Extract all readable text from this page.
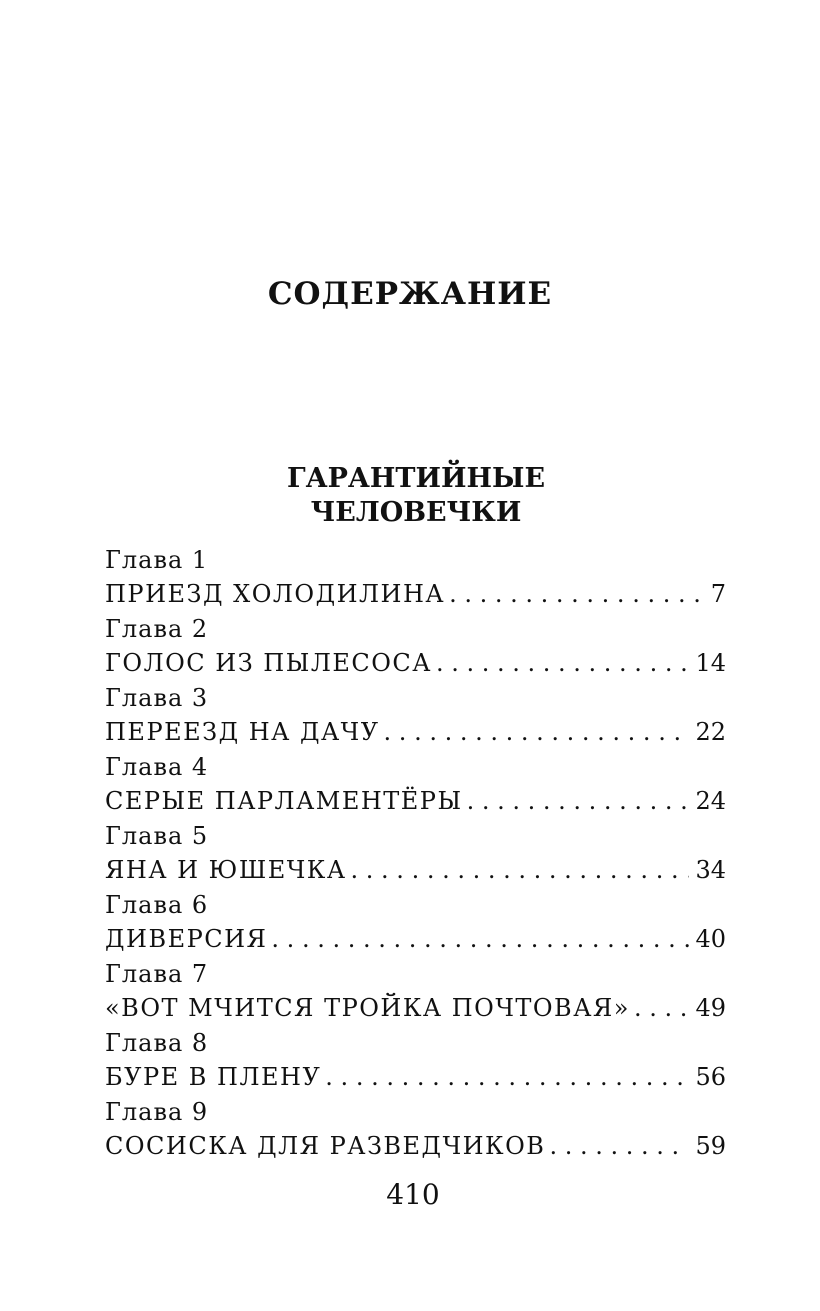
СОДЕРЖАНИЕ
ГАРАНТИЙНЫЕ
ЧЕЛОВЕЧКИ
Глава 1
ПРИЕЗД ХОЛОДИЛИНА . . .	7
Глава 2
ГОЛОС ИЗ ПЫЛЕСОСА . . .	14
Глава 3
ПЕРЕЕЗД НА ДАЧУ . . .	22
Глава 4
СЕРЫЕ ПАРЛАМЕНТЁРЫ . . .	24
Глава 5
ЯНА И ЮШЕЧКА . . .	34
Глава 6
ДИВЕРСИЯ . . .	40
Глава 7
«ВОТ МЧИТСЯ ТРОЙКА ПОЧТОВАЯ» . . .	49
Глава 8
БУРЕ В ПЛЕНУ . . .	56
Глава 9
СОСИСКА ДЛЯ РАЗВЕДЧИКОВ . . .	59
410
